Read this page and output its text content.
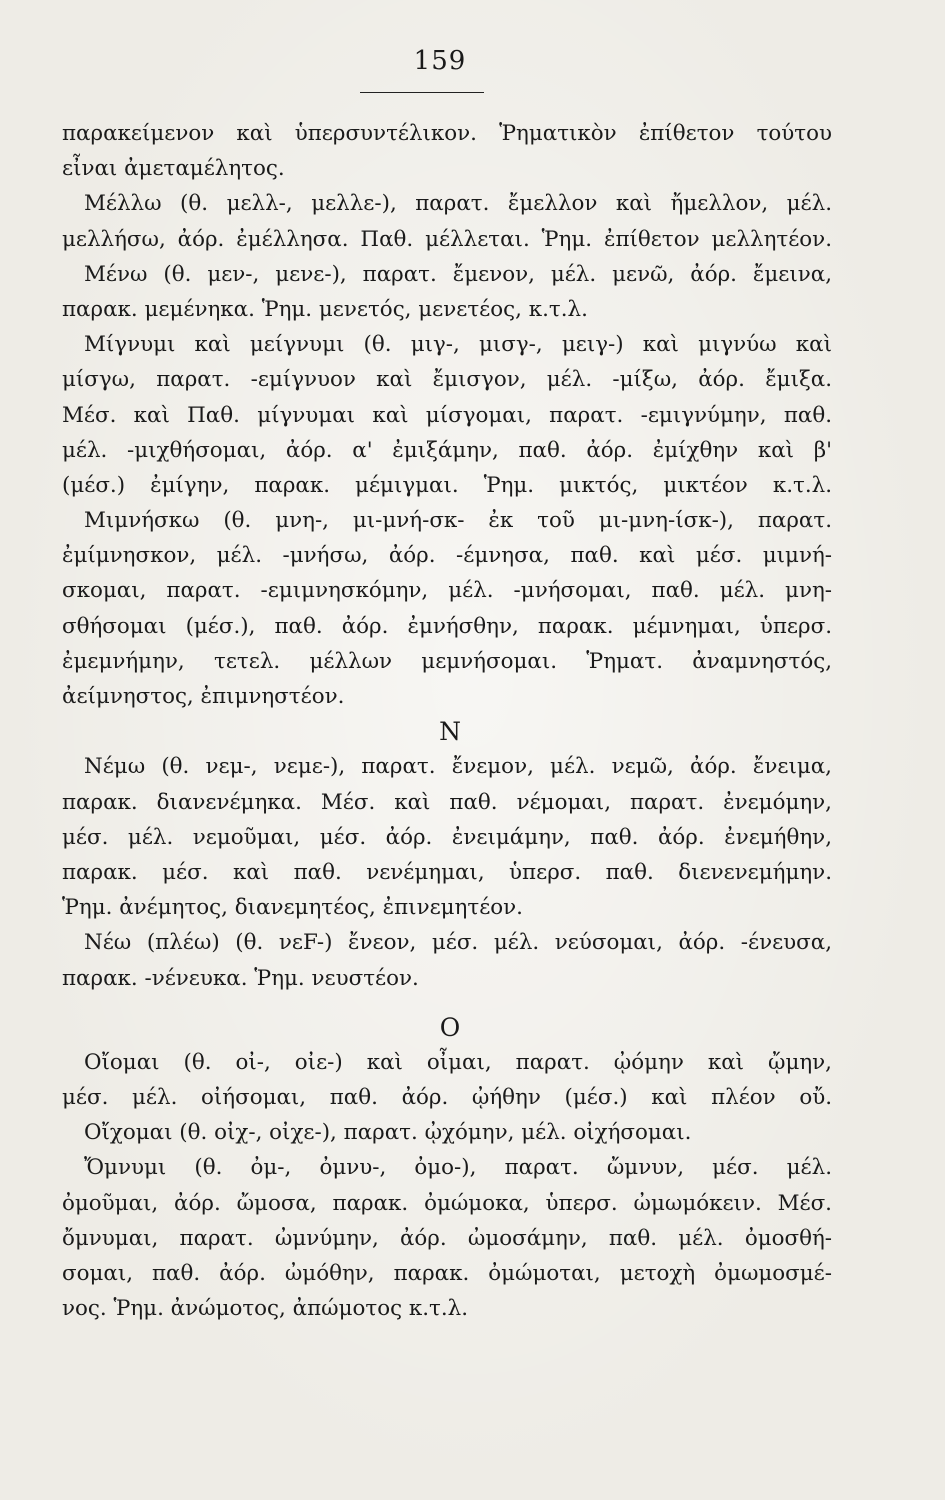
159
παρακείμενον καὶ ὑπερσυντέλικον. Ῥηματικὸν ἐπίθετον τούτου
εἶναι ἀμεταμέλητος.
Μέλλω (θ. μελλ-, μελλε-), παρατ. ἔμελλον καὶ ἤμελλον, μέλ.
μελλήσω, ἀόρ. ἐμέλλησα. Παθ. μέλλεται. Ῥημ. ἐπίθετον μελλητέον.
Μένω (θ. μεν-, μενε-), παρατ. ἔμενον, μέλ. μενῶ, ἀόρ. ἔμεινα,
παρακ. μεμένηκα. Ῥημ. μενετός, μενετέος, κ.τ.λ.
Μίγνυμι καὶ μείγνυμι (θ. μιγ-, μισγ-, μειγ-) καὶ μιγνύω καὶ
μίσγω, παρατ. -εμίγνυον καὶ ἔμισγον, μέλ. -μίξω, ἀόρ. ἔμιξα.
Μέσ. καὶ Παθ. μίγνυμαι καὶ μίσγομαι, παρατ. -εμιγνύμην, παθ.
μέλ. -μιχθήσομαι, ἀόρ. α' ἐμιξάμην, παθ. ἀόρ. ἐμίχθην καὶ β'
(μέσ.) ἐμίγην, παρακ. μέμιγμαι. Ῥημ. μικτός, μικτέον κ.τ.λ.
Μιμνήσκω (θ. μνη-, μι-μνή-σκ- ἐκ τοῦ μι-μνη-ίσκ-), παρατ.
ἐμίμνησκον, μέλ. -μνήσω, ἀόρ. -έμνησα, παθ. καὶ μέσ. μιμνή-
σκομαι, παρατ. -εμιμνησκόμην, μέλ. -μνήσομαι, παθ. μέλ. μνη-
σθήσομαι (μέσ.), παθ. ἀόρ. ἐμνήσθην, παρακ. μέμνημαι, ὑπερσ.
ἐμεμνήμην, τετελ. μέλλων μεμνήσομαι. Ῥηματ. ἀναμνηστός,
ἀείμνηστος, ἐπιμνηστέον.
Ν
Νέμω (θ. νεμ-, νεμε-), παρατ. ἔνεμον, μέλ. νεμῶ, ἀόρ. ἔνειμα,
παρακ. διανενέμηκα. Μέσ. καὶ παθ. νέμομαι, παρατ. ἐνεμόμην,
μέσ. μέλ. νεμοῦμαι, μέσ. ἀόρ. ἐνειμάμην, παθ. ἀόρ. ἐνεμήθην,
παρακ. μέσ. καὶ παθ. νενέμημαι, ὑπερσ. παθ. διενενεμήμην.
Ῥημ. ἀνέμητος, διανεμητέος, ἐπινεμητέον.
Νέω (πλέω) (θ. νεF-) ἔνεον, μέσ. μέλ. νεύσομαι, ἀόρ. -ένευσα,
παρακ. -νένευκα. Ῥημ. νευστέον.
Ο
Οἴομαι (θ. οἰ-, οἰε-) καὶ οἶμαι, παρατ. ᾠόμην καὶ ᾤμην,
μέσ. μέλ. οἰήσομαι, παθ. ἀόρ. ᾠήθην (μέσ.) καὶ πλέον οὔ.
Οἴχομαι (θ. οἰχ-, οἰχε-), παρατ. ᾠχόμην, μέλ. οἰχήσομαι.
Ὄμνυμι (θ. ὀμ-, ὀμνυ-, ὀμο-), παρατ. ὤμνυν, μέσ. μέλ.
ὀμοῦμαι, ἀόρ. ὤμοσα, παρακ. ὀμώμοκα, ὑπερσ. ὠμωμόκειν. Μέσ.
ὄμνυμαι, παρατ. ὠμνύμην, ἀόρ. ὠμοσάμην, παθ. μέλ. ὀμοσθή-
σομαι, παθ. ἀόρ. ὠμόθην, παρακ. ὀμώμοται, μετοχὴ ὀμωμοσμέ-
νος. Ῥημ. ἀνώμοτος, ἀπώμοτος κ.τ.λ.
